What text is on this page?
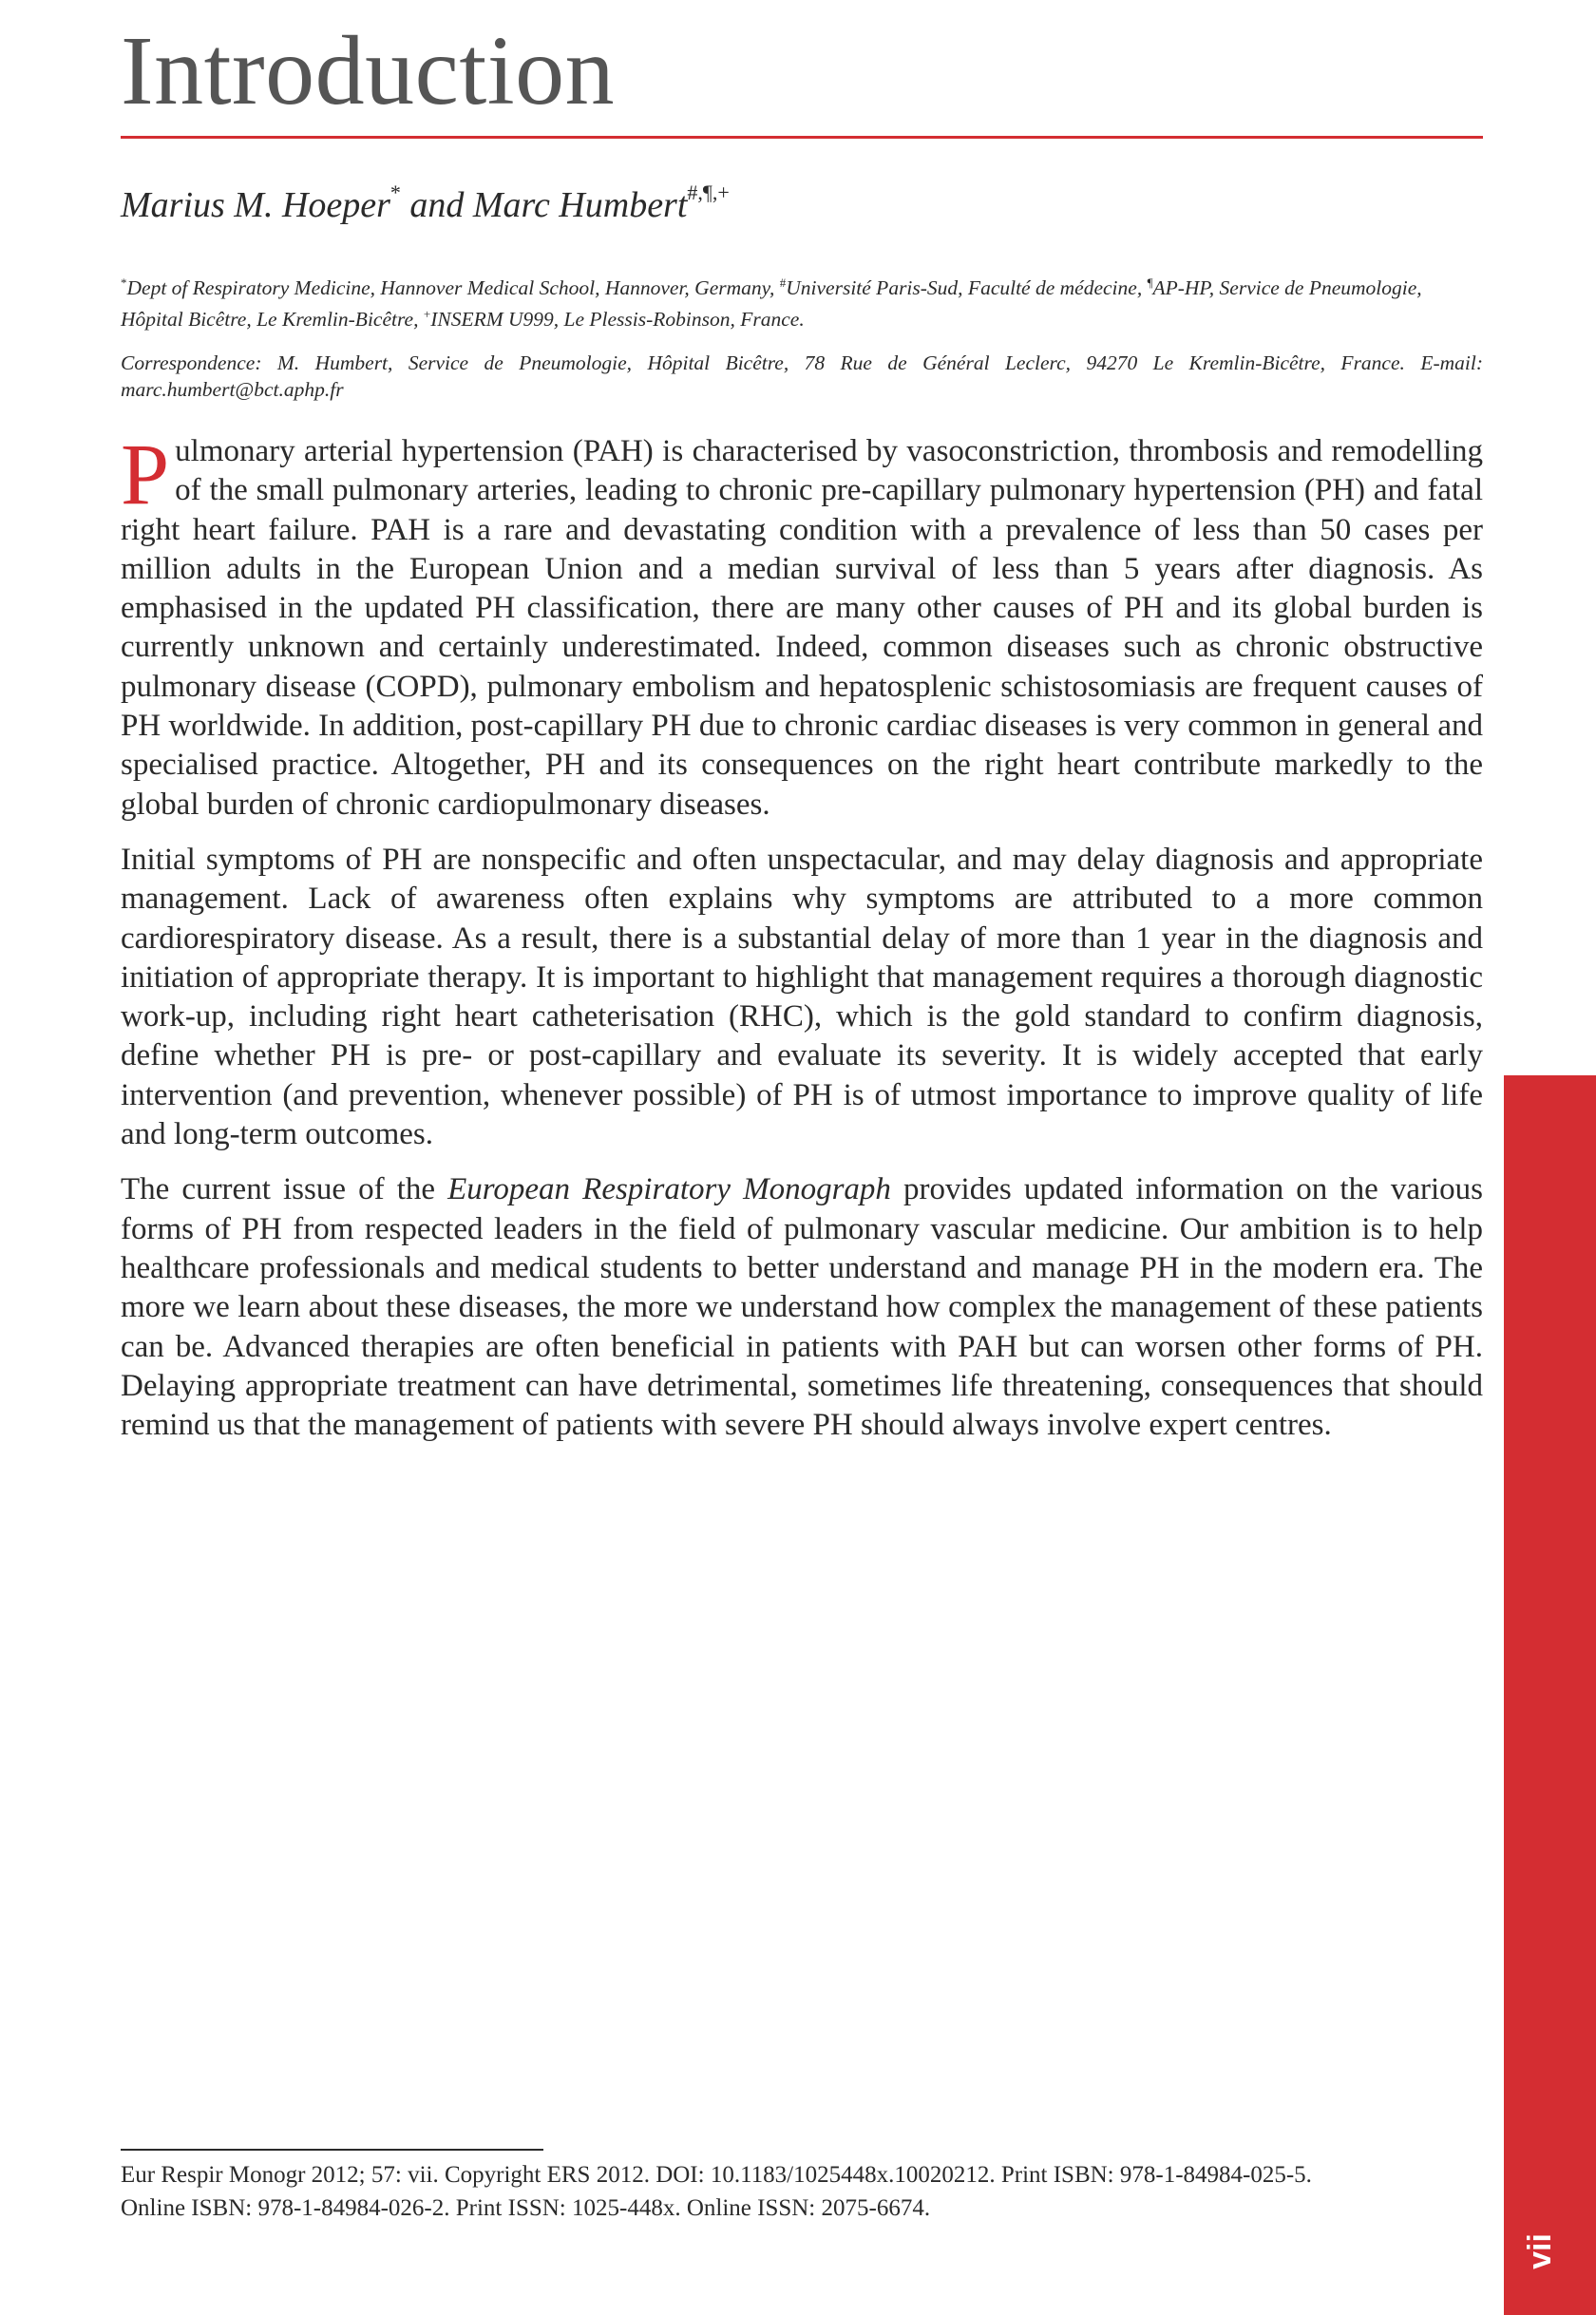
Introduction
Marius M. Hoeper* and Marc Humbert#,¶,+
*Dept of Respiratory Medicine, Hannover Medical School, Hannover, Germany, #Université Paris-Sud, Faculté de médecine, ¶AP-HP, Service de Pneumologie, Hôpital Bicêtre, Le Kremlin-Bicêtre, +INSERM U999, Le Plessis-Robinson, France.
Correspondence: M. Humbert, Service de Pneumologie, Hôpital Bicêtre, 78 Rue de Général Leclerc, 94270 Le Kremlin-Bicêtre, France. E-mail: marc.humbert@bct.aphp.fr

Pulmonary arterial hypertension (PAH) is characterised by vasoconstriction, thrombosis and remodelling of the small pulmonary arteries, leading to chronic pre-capillary pulmonary hypertension (PH) and fatal right heart failure. PAH is a rare and devastating condition with a prevalence of less than 50 cases per million adults in the European Union and a median survival of less than 5 years after diagnosis. As emphasised in the updated PH classification, there are many other causes of PH and its global burden is currently unknown and certainly underestimated. Indeed, common diseases such as chronic obstructive pulmonary disease (COPD), pulmonary embolism and hepatosplenic schistosomiasis are frequent causes of PH worldwide. In addition, post-capillary PH due to chronic cardiac diseases is very common in general and specialised practice. Altogether, PH and its consequences on the right heart contribute markedly to the global burden of chronic cardiopulmonary diseases.

Initial symptoms of PH are nonspecific and often unspectacular, and may delay diagnosis and appropriate management. Lack of awareness often explains why symptoms are attributed to a more common cardiorespiratory disease. As a result, there is a substantial delay of more than 1 year in the diagnosis and initiation of appropriate therapy. It is important to highlight that management requires a thorough diagnostic work-up, including right heart catheterisation (RHC), which is the gold standard to confirm diagnosis, define whether PH is pre- or post-capillary and evaluate its severity. It is widely accepted that early intervention (and prevention, whenever possible) of PH is of utmost importance to improve quality of life and long-term outcomes.

The current issue of the European Respiratory Monograph provides updated information on the various forms of PH from respected leaders in the field of pulmonary vascular medicine. Our ambition is to help healthcare professionals and medical students to better understand and manage PH in the modern era. The more we learn about these diseases, the more we understand how complex the management of these patients can be. Advanced therapies are often beneficial in patients with PAH but can worsen other forms of PH. Delaying appropriate treatment can have detrimental, sometimes life threatening, consequences that should remind us that the management of patients with severe PH should always involve expert centres.

Eur Respir Monogr 2012; 57: vii. Copyright ERS 2012. DOI: 10.1183/1025448x.10020212. Print ISBN: 978-1-84984-025-5.
Online ISBN: 978-1-84984-026-2. Print ISSN: 1025-448x. Online ISSN: 2075-6674.
vii
